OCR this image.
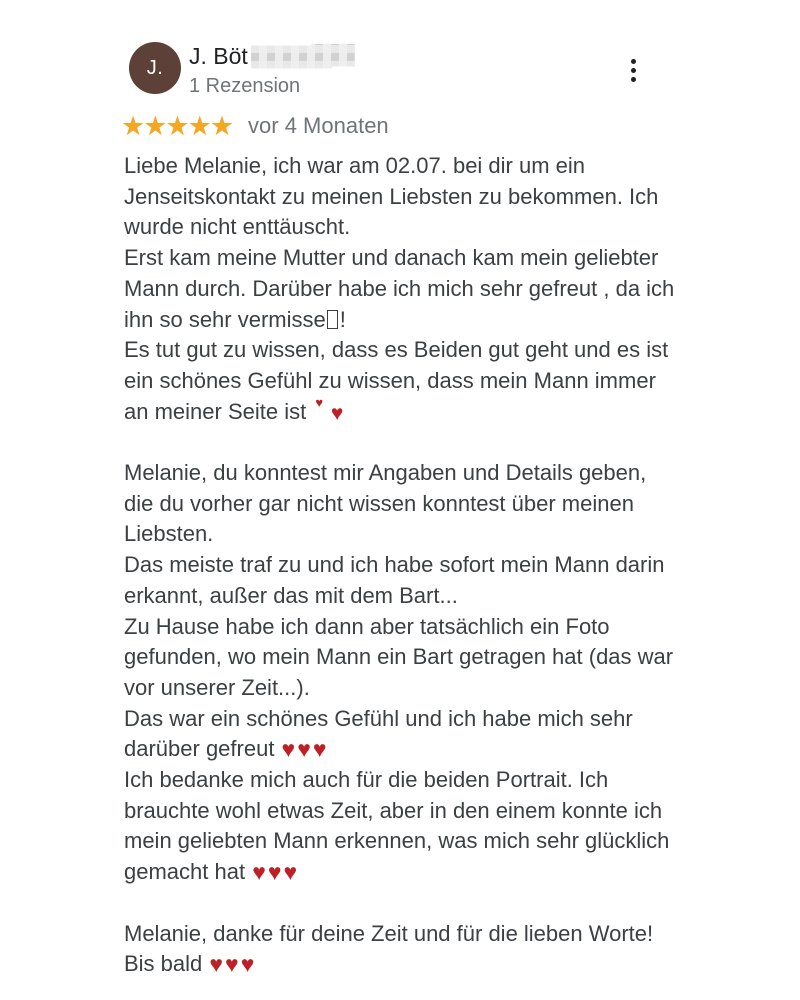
J. J. Böt
1 Rezension
★★★★★ vor 4 Monaten
Liebe Melanie, ich war am 02.07. bei dir um ein Jenseitskontakt zu meinen Liebsten zu bekommen. Ich wurde nicht enttäuscht.
Erst kam meine Mutter und danach kam mein geliebter Mann durch. Darüber habe ich mich sehr gefreut , da ich ihn so sehr vermisse !
Es tut gut zu wissen, dass es Beiden gut geht und es ist ein schönes Gefühl zu wissen, dass mein Mann immer an meiner Seite ist ♥ ♥

Melanie, du konntest mir Angaben und Details geben, die du vorher gar nicht wissen konntest über meinen Liebsten.
Das meiste traf zu und ich habe sofort mein Mann darin erkannt, außer das mit dem Bart...
Zu Hause habe ich dann aber tatsächlich ein Foto gefunden, wo mein Mann ein Bart getragen hat (das war vor unserer Zeit...).
Das war ein schönes Gefühl und ich habe mich sehr darüber gefreut ♥♥♥
Ich bedanke mich auch für die beiden Portrait. Ich brauchte wohl etwas Zeit, aber in den einem konnte ich mein geliebten Mann erkennen, was mich sehr glücklich gemacht hat ♥♥♥

Melanie, danke für deine Zeit und für die lieben Worte!
Bis bald ♥♥♥
